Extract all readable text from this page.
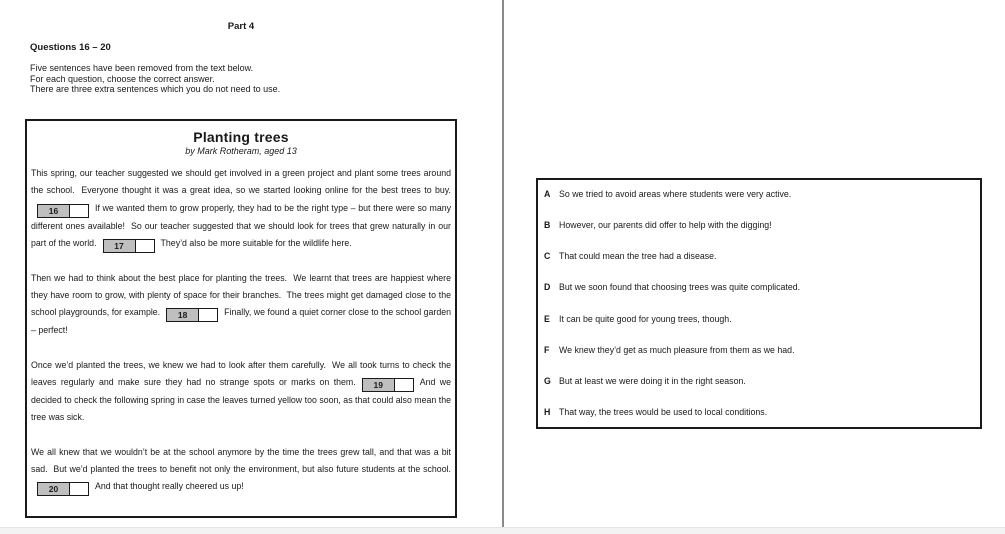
Part 4
Questions 16 – 20
Five sentences have been removed from the text below.
For each question, choose the correct answer.
There are three extra sentences which you do not need to use.
Planting trees
by Mark Rotheram, aged 13
This spring, our teacher suggested we should get involved in a green project and plant some trees around the school.  Everyone thought it was a great idea, so we started looking online for the best trees to buy.
16	If we wanted them to grow properly, they had to be the right type – but there were so many different ones available!  So our teacher suggested that we should look for trees that grew naturally in our part of the world.	17	They’d also be more suitable for the wildlife here.
Then we had to think about the best place for planting the trees.  We learnt that trees are happiest where they have room to grow, with plenty of space for their branches.  The trees might get damaged close to the school playgrounds, for example.	18	Finally, we found a quiet corner close to the school garden – perfect!
Once we’d planted the trees, we knew we had to look after them carefully.  We all took turns to check the leaves regularly and make sure they had no strange spots or marks on them.	19	And we decided to check the following spring in case the leaves turned yellow too soon, as that could also mean the tree was sick.
We all knew that we wouldn’t be at the school anymore by the time the trees grew tall, and that was a bit sad.  But we’d planted the trees to benefit not only the environment, but also future students at the school.
20	And that thought really cheered us up!
A So we tried to avoid areas where students were very active.
B However, our parents did offer to help with the digging!
C That could mean the tree had a disease.
D But we soon found that choosing trees was quite complicated.
E	It can be quite good for young trees, though.
F	We knew they’d get as much pleasure from them as we had.
G But at least we were doing it in the right season.
H That way, the trees would be used to local conditions.
